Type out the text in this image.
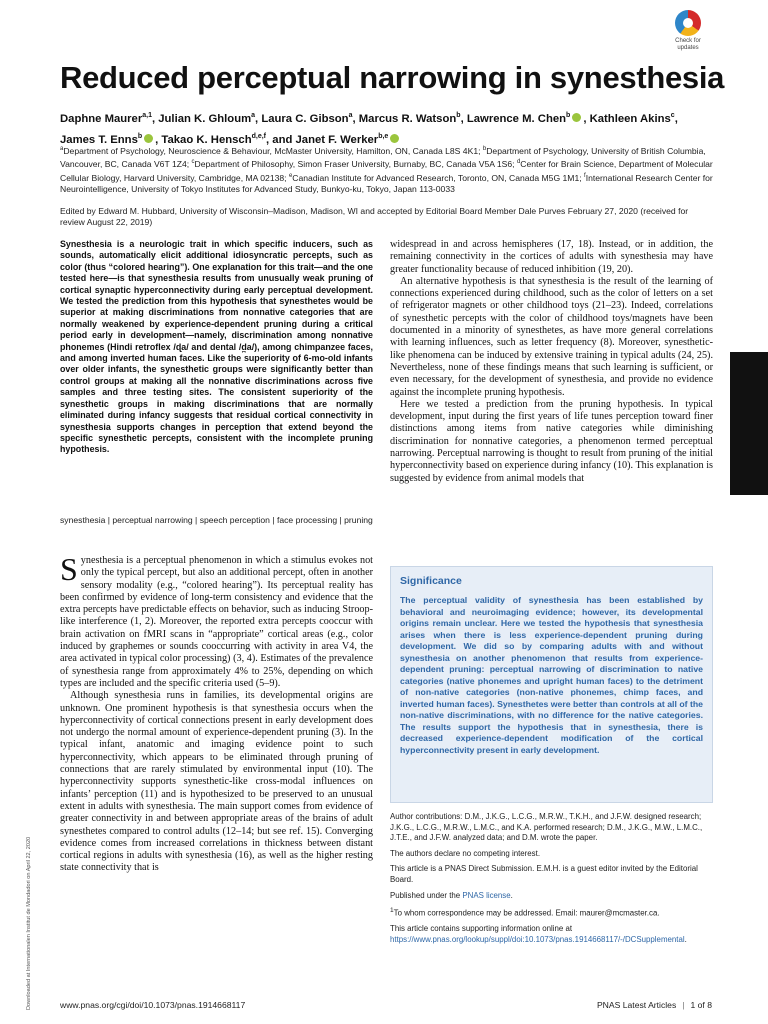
Check for updates
Reduced perceptual narrowing in synesthesia
Daphne Maurer$^{a,1}$, Julian K. Ghloum$^a$, Laura C. Gibson$^a$, Marcus R. Watson$^b$, Lawrence M. Chen$^b$ , Kathleen Akins$^c$, James T. Enns$^b$ , Takao K. Hensch$^{d,e,f}$, and Janet F. Werker$^{b,e}$
$^a$Department of Psychology, Neuroscience & Behaviour, McMaster University, Hamilton, ON, Canada L8S 4K1; $^b$Department of Psychology, University of British Columbia, Vancouver, BC, Canada V6T 1Z4; $^c$Department of Philosophy, Simon Fraser University, Burnaby, BC, Canada V5A 1S6; $^d$Center for Brain Science, Department of Molecular Cellular Biology, Harvard University, Cambridge, MA 02138; $^e$Canadian Institute for Advanced Research, Toronto, ON, Canada M5G 1M1; $^f$International Research Center for Neurointelligence, University of Tokyo Institutes for Advanced Study, Bunkyo-ku, Tokyo, Japan 113-0033
Edited by Edward M. Hubbard, University of Wisconsin–Madison, Madison, WI and accepted by Editorial Board Member Dale Purves February 27, 2020 (received for review August 22, 2019)

Synesthesia is a neurologic trait in which specific inducers, such as sounds, automatically elicit additional idiosyncratic percepts, such as color (thus “colored hearing”). One explanation for this trait—and the one tested here—is that synesthesia results from unusually weak pruning of cortical synaptic hyperconnectivity during early perceptual development. We tested the prediction from this hypothesis that synesthetes would be superior at making discriminations from nonnative categories that are normally weakened by experience-dependent pruning during a critical period early in development—namely, discrimination among nonnative phonemes (Hindi retroflex /ɖa/ and dental /d̪a/), among chimpanzee faces, and among inverted human faces. Like the superiority of 6-mo-old infants over older infants, the synesthetic groups were significantly better than control groups at making all the nonnative discriminations across five samples and three testing sites. The consistent superiority of the synesthetic groups in making discriminations that are normally eliminated during infancy suggests that residual cortical connectivity in synesthesia supports changes in perception that extend beyond the specific synesthetic percepts, consistent with the incomplete pruning hypothesis.

synesthesia | perceptual narrowing | speech perception | face processing | pruning

Synesthesia is a perceptual phenomenon in which a stimulus evokes not only the typical percept, but also an additional percept, often in another sensory modality (e.g., “colored hearing”). Its perceptual reality has been confirmed by evidence of long-term consistency and evidence that the extra percepts have predictable effects on behavior, such as inducing Stroop-like interference (1, 2). Moreover, the reported extra percepts cooccur with brain activation on fMRI scans in “appropriate” cortical areas (e.g., color induced by graphemes or sounds cooccurring with activity in area V4, the area activated in typical color processing) (3, 4). Estimates of the prevalence of synesthesia range from approximately 4% to 25%, depending on which types are included and the specific criteria used (5–9).

Although synesthesia runs in families, its developmental origins are unknown. One prominent hypothesis is that synesthesia occurs when the hyperconnectivity of cortical connections present in early development does not undergo the normal amount of experience-dependent pruning (3). In the typical infant, anatomic and imaging evidence point to such hyperconnectivity, which appears to be eliminated through pruning of connections that are rarely stimulated by environmental input (10). The hyperconnectivity supports synesthetic-like cross-modal influences on infants’ perception (11) and is hypothesized to be preserved to an unusual extent in adults with synesthesia. The main support comes from evidence of greater connectivity in and between appropriate areas of the brains of adult synesthetes compared to control adults (12–14; but see ref. 15). Converging evidence comes from increased correlations in thickness between distant cortical regions in adults with synesthesia (16), as well as the higher resting state connectivity that is

widespread in and across hemispheres (17, 18). Instead, or in addition, the remaining connectivity in the cortices of adults with synesthesia may have greater functionality because of reduced inhibition (19, 20).

An alternative hypothesis is that synesthesia is the result of the learning of connections experienced during childhood, such as the color of letters on a set of refrigerator magnets or other childhood toys (21–23). Indeed, correlations of synesthetic percepts with the color of childhood toys/magnets have been documented in a minority of synesthetes, as have more general correlations with learning influences, such as letter frequency (8). Moreover, synesthetic-like phenomena can be induced by extensive training in typical adults (24, 25). Nevertheless, none of these findings means that such learning is sufficient, or even necessary, for the development of synesthesia, and provide no evidence against the incomplete pruning hypothesis.

Here we tested a prediction from the pruning hypothesis. In typical development, input during the first years of life tunes perception toward finer distinctions among items from native categories while diminishing discrimination for nonnative categories, a phenomenon termed perceptual narrowing. Perceptual narrowing is thought to result from pruning of the initial hyperconnectivity based on experience during infancy (10). This explanation is suggested by evidence from animal models that

Significance

The perceptual validity of synesthesia has been established by behavioral and neuroimaging evidence; however, its developmental origins remain unclear. Here we tested the hypothesis that synesthesia arises when there is less experience-dependent pruning during development. We did so by comparing adults with and without synesthesia on another phenomenon that results from experience-dependent pruning: perceptual narrowing of discrimination to native categories (native phonemes and upright human faces) to the detriment of non-native categories (non-native phonemes, chimp faces, and inverted human faces). Synesthetes were better than controls at all of the non-native discriminations, with no difference for the native categories. The results support the hypothesis that in synesthesia, there is decreased experience-dependent modification of the cortical hyperconnectivity present in early development.

Author contributions: D.M., J.K.G., L.C.G., M.R.W., T.K.H., and J.F.W. designed research; J.K.G., L.C.G., M.R.W., L.M.C., and K.A. performed research; D.M., J.K.G., M.W., L.M.C., J.T.E., and J.F.W. analyzed data; and D.M. wrote the paper.

The authors declare no competing interest.

This article is a PNAS Direct Submission. E.M.H. is a guest editor invited by the Editorial Board.

Published under the PNAS license.

$^1$To whom correspondence may be addressed. Email: maurer@mcmaster.ca.

This article contains supporting information online at https://www.pnas.org/lookup/suppl/doi:10.1073/pnas.1914668117/-/DCSupplemental.

Downloaded at Internationalen Institut de Mondadori on April 22, 2020	www.pnas.org/cgi/doi/10.1073/pnas.1914668117	PNAS Latest Articles | 1 of 8
